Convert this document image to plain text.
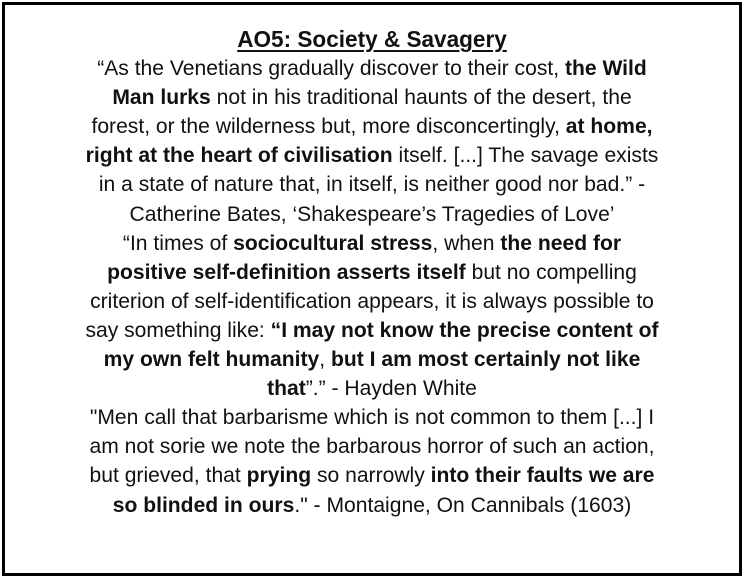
AO5: Society & Savagery
“As the Venetians gradually discover to their cost, the Wild
Man lurks not in his traditional haunts of the desert, the
forest, or the wilderness but, more disconcertingly, at home,
right at the heart of civilisation itself. [...] The savage exists
in a state of nature that, in itself, is neither good nor bad.” -
Catherine Bates, ‘Shakespeare’s Tragedies of Love’
“In times of sociocultural stress, when the need for
positive self-definition asserts itself but no compelling
criterion of self-identification appears, it is always possible to
say something like: “I may not know the precise content of
my own felt humanity, but I am most certainly not like
that”.” - Hayden White
"Men call that barbarisme which is not common to them [...] I
am not sorie we note the barbarous horror of such an action,
but grieved, that prying so narrowly into their faults we are
so blinded in ours." - Montaigne, On Cannibals (1603)
